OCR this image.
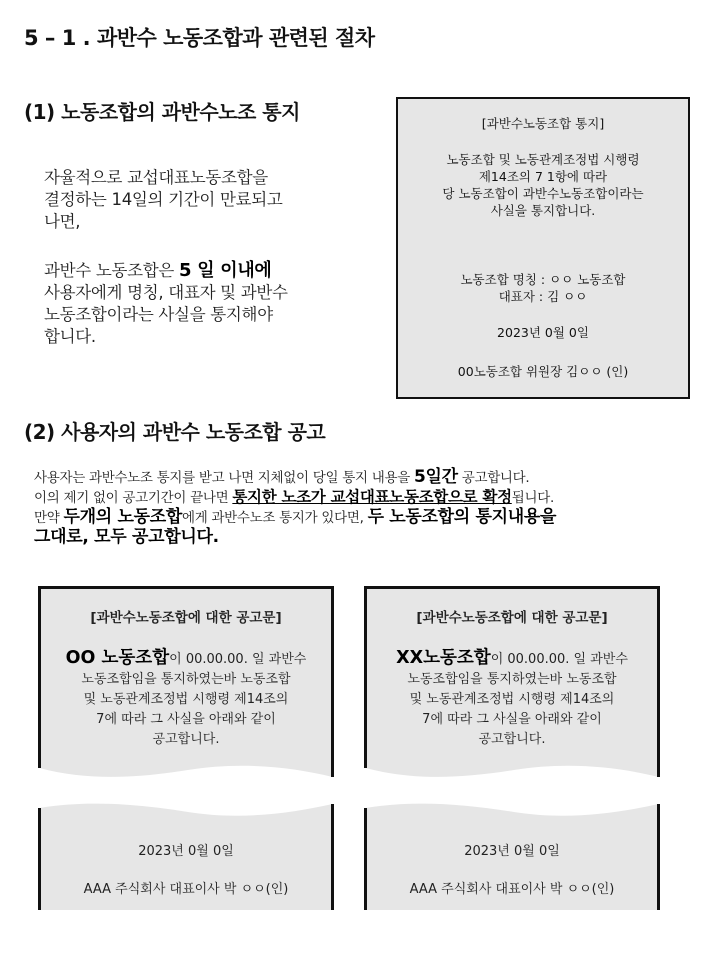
5 – 1 . 과반수 노동조합과 관련된 절차
(1) 노동조합의 과반수노조 통지
자율적으로 교섭대표노동조합을
결정하는 14일의 기간이 만료되고
나면,
과반수 노동조합은 5 일 이내에
사용자에게 명칭, 대표자 및 과반수
노동조합이라는 사실을 통지해야
합니다.
[과반수노동조합 통지]
노동조합 및 노동관계조정법 시행령
제14조의 7 1항에 따라
당 노동조합이 과반수노동조합이라는
사실을 통지합니다.
노동조합 명칭 : ㅇㅇ 노동조합
대표자 : 김 ㅇㅇ
2023년 0월 0일
00노동조합 위원장 김ㅇㅇ (인)
(2) 사용자의 과반수 노동조합 공고
사용자는 과반수노조 통지를 받고 나면 지체없이 당일 통지 내용을 5일간 공고합니다.
이의 제기 없이 공고기간이 끝나면 통지한 노조가 교섭대표노동조합으로 확정됩니다.
만약 두개의 노동조합에게 과반수노조 통지가 있다면, 두 노동조합의 통지내용을
그대로, 모두 공고합니다.
[과반수노동조합에 대한 공고문]
OO 노동조합이 00.00.00. 일 과반수
노동조합임을 통지하였는바 노동조합
및 노동관계조정법 시행령 제14조의
7에 따라 그 사실을 아래와 같이
공고합니다.
2023년 0월 0일
AAA 주식회사 대표이사 박 ㅇㅇ(인)
[과반수노동조합에 대한 공고문]
XX노동조합이 00.00.00. 일 과반수
노동조합임을 통지하였는바 노동조합
및 노동관계조정법 시행령 제14조의
7에 따라 그 사실을 아래와 같이
공고합니다.
2023년 0월 0일
AAA 주식회사 대표이사 박 ㅇㅇ(인)
